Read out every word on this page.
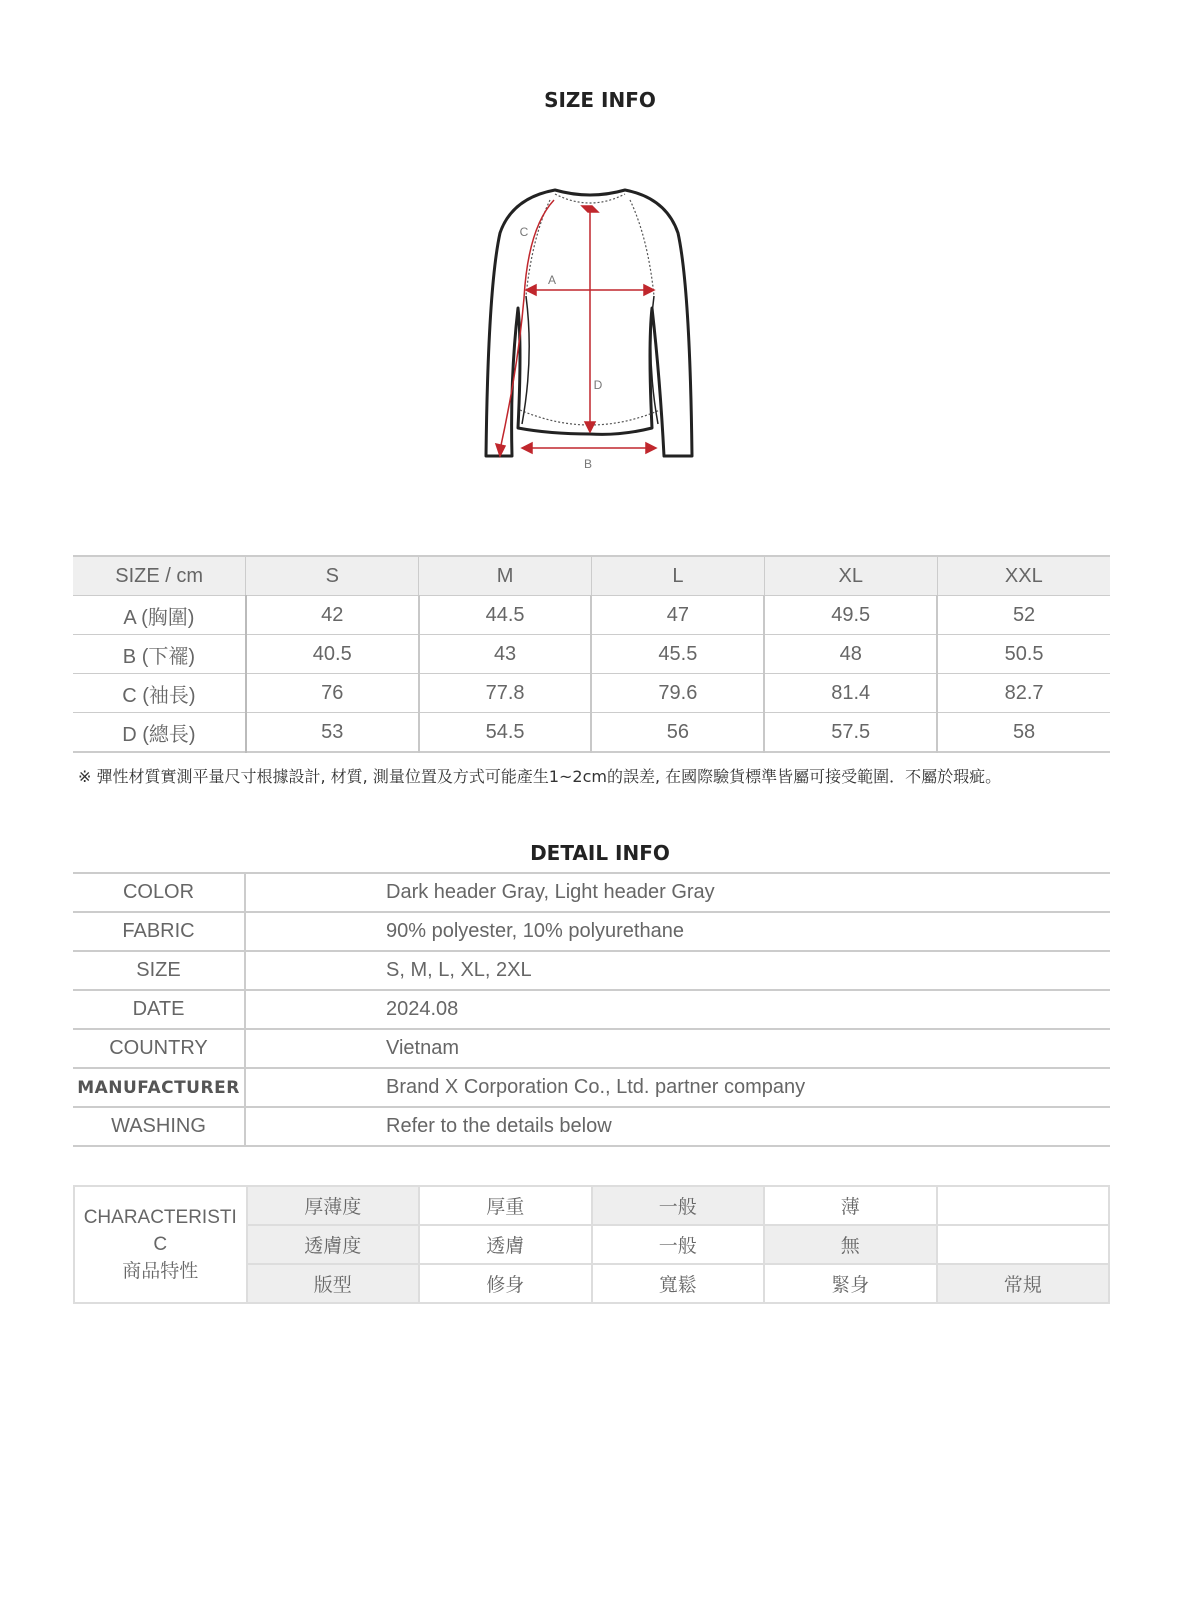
SIZE INFO
A
B
C
D
SIZE / cm	S	M	L	XL	XXL
A (胸圍)	42	44.5	47	49.5	52
B (下襬)	40.5	43	45.5	48	50.5
C (袖長)	76	77.8	79.6	81.4	82.7
D (總長)	53	54.5	56	57.5	58
※ 彈性材質實測平量尺寸根據設計, 材質, 測量位置及方式可能產生1~2cm的誤差, 在國際驗貨標準皆屬可接受範圍．不屬於瑕疵。
DETAIL INFO
COLOR	Dark header Gray, Light header Gray
FABRIC	90% polyester, 10% polyurethane
SIZE	S, M, L, XL, 2XL
DATE	2024.08
COUNTRY	Vietnam
MANUFACTURER	Brand X Corporation Co., Ltd. partner company
WASHING	Refer to the details below
CHARACTERISTI
C
商品特性	厚薄度	厚重	一般	薄	
	透膚度	透膚	一般	無	
	版型	修身	寬鬆	緊身	常規
